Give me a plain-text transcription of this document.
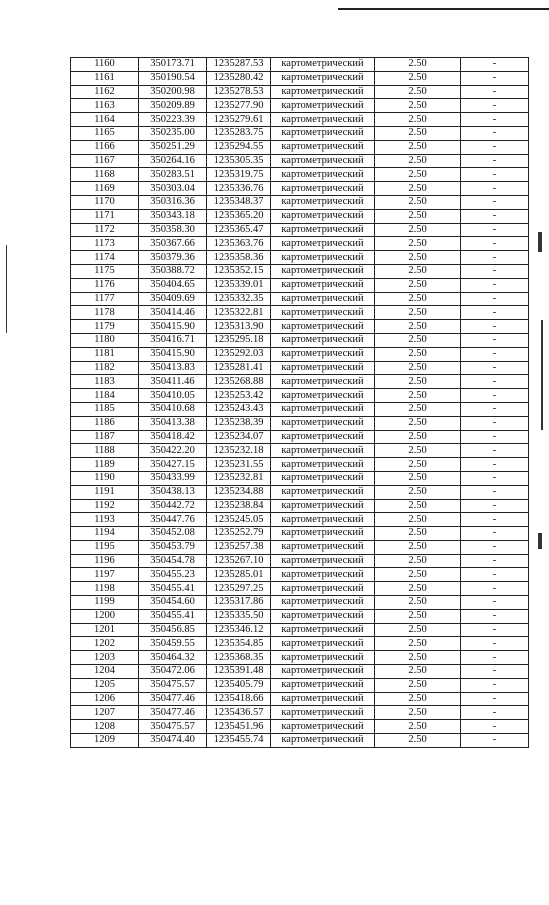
1160	350173.71	1235287.53	картометрический	2.50	-
1161	350190.54	1235280.42	картометрический	2.50	-
1162	350200.98	1235278.53	картометрический	2.50	-
1163	350209.89	1235277.90	картометрический	2.50	-
1164	350223.39	1235279.61	картометрический	2.50	-
1165	350235.00	1235283.75	картометрический	2.50	-
1166	350251.29	1235294.55	картометрический	2.50	-
1167	350264.16	1235305.35	картометрический	2.50	-
1168	350283.51	1235319.75	картометрический	2.50	-
1169	350303.04	1235336.76	картометрический	2.50	-
1170	350316.36	1235348.37	картометрический	2.50	-
1171	350343.18	1235365.20	картометрический	2.50	-
1172	350358.30	1235365.47	картометрический	2.50	-
1173	350367.66	1235363.76	картометрический	2.50	-
1174	350379.36	1235358.36	картометрический	2.50	-
1175	350388.72	1235352.15	картометрический	2.50	-
1176	350404.65	1235339.01	картометрический	2.50	-
1177	350409.69	1235332.35	картометрический	2.50	-
1178	350414.46	1235322.81	картометрический	2.50	-
1179	350415.90	1235313.90	картометрический	2.50	-
1180	350416.71	1235295.18	картометрический	2.50	-
1181	350415.90	1235292.03	картометрический	2.50	-
1182	350413.83	1235281.41	картометрический	2.50	-
1183	350411.46	1235268.88	картометрический	2.50	-
1184	350410.05	1235253.42	картометрический	2.50	-
1185	350410.68	1235243.43	картометрический	2.50	-
1186	350413.38	1235238.39	картометрический	2.50	-
1187	350418.42	1235234.07	картометрический	2.50	-
1188	350422.20	1235232.18	картометрический	2.50	-
1189	350427.15	1235231.55	картометрический	2.50	-
1190	350433.99	1235232.81	картометрический	2.50	-
1191	350438.13	1235234.88	картометрический	2.50	-
1192	350442.72	1235238.84	картометрический	2.50	-
1193	350447.76	1235245.05	картометрический	2.50	-
1194	350452.08	1235252.79	картометрический	2.50	-
1195	350453.79	1235257.38	картометрический	2.50	-
1196	350454.78	1235267.10	картометрический	2.50	-
1197	350455.23	1235285.01	картометрический	2.50	-
1198	350455.41	1235297.25	картометрический	2.50	-
1199	350454.60	1235317.86	картометрический	2.50	-
1200	350455.41	1235335.50	картометрический	2.50	-
1201	350456.85	1235346.12	картометрический	2.50	-
1202	350459.55	1235354.85	картометрический	2.50	-
1203	350464.32	1235368.35	картометрический	2.50	-
1204	350472.06	1235391.48	картометрический	2.50	-
1205	350475.57	1235405.79	картометрический	2.50	-
1206	350477.46	1235418.66	картометрический	2.50	-
1207	350477.46	1235436.57	картометрический	2.50	-
1208	350475.57	1235451.96	картометрический	2.50	-
1209	350474.40	1235455.74	картометрический	2.50	-
